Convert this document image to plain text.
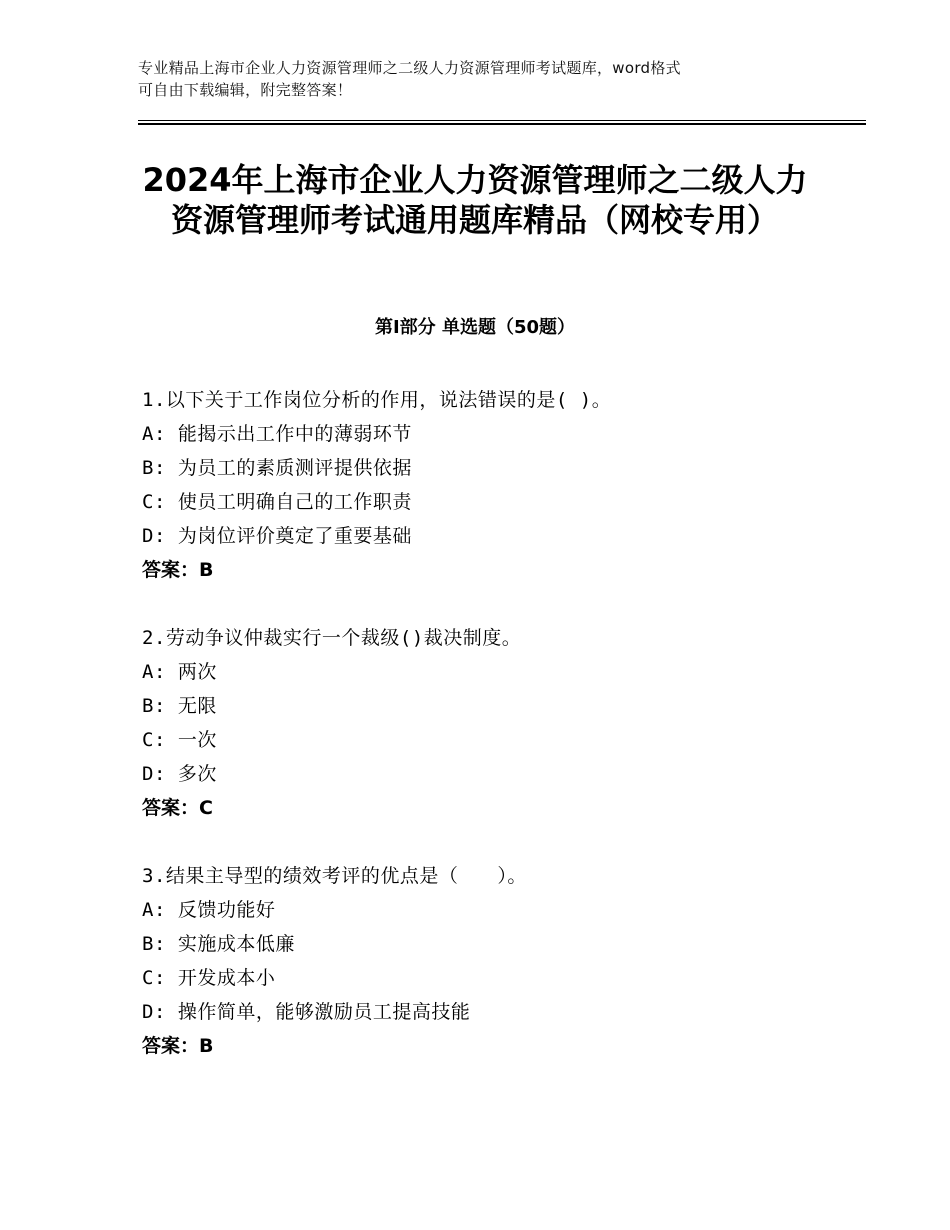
专业精品上海市企业人力资源管理师之二级人力资源管理师考试题库，word格式
可自由下载编辑，附完整答案！
2024年上海市企业人力资源管理师之二级人力资源管理师考试通用题库精品（网校专用）
第Ⅰ部分 单选题（50题）
1.以下关于工作岗位分析的作用，说法错误的是( )。
A: 能揭示出工作中的薄弱环节
B: 为员工的素质测评提供依据
C: 使员工明确自己的工作职责
D: 为岗位评价奠定了重要基础
答案：B
2.劳动争议仲裁实行一个裁级()裁决制度。
A: 两次
B: 无限
C: 一次
D: 多次
答案：C
3.结果主导型的绩效考评的优点是（　　）。
A: 反馈功能好
B: 实施成本低廉
C: 开发成本小
D: 操作简单，能够激励员工提高技能
答案：B
